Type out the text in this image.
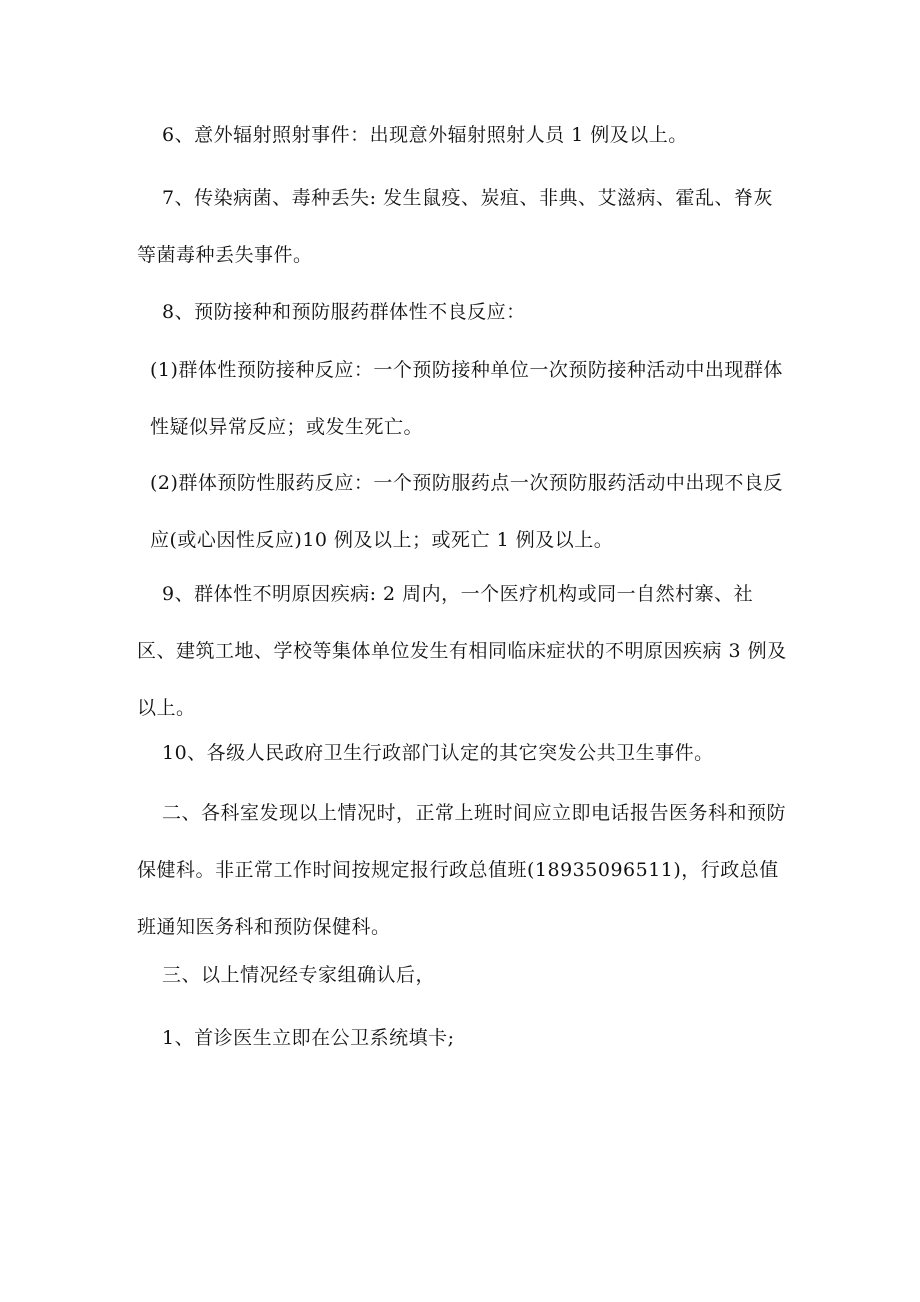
6、意外辐射照射事件：出现意外辐射照射人员 1 例及以上。

7、传染病菌、毒种丢失: 发生鼠疫、炭疽、非典、艾滋病、霍乱、脊灰等菌毒种丢失事件。

8、预防接种和预防服药群体性不良反应：

(1)群体性预防接种反应：一个预防接种单位一次预防接种活动中出现群体性疑似异常反应；或发生死亡。

(2)群体预防性服药反应：一个预防服药点一次预防服药活动中出现不良反应(或心因性反应)10 例及以上；或死亡 1 例及以上。

9、群体性不明原因疾病: 2 周内，一个医疗机构或同一自然村寨、社区、建筑工地、学校等集体单位发生有相同临床症状的不明原因疾病 3 例及以上。

10、各级人民政府卫生行政部门认定的其它突发公共卫生事件。

二、各科室发现以上情况时，正常上班时间应立即电话报告医务科和预防保健科。非正常工作时间按规定报行政总值班(18935096511)，行政总值班通知医务科和预防保健科。

三、以上情况经专家组确认后，

1、首诊医生立即在公卫系统填卡;
